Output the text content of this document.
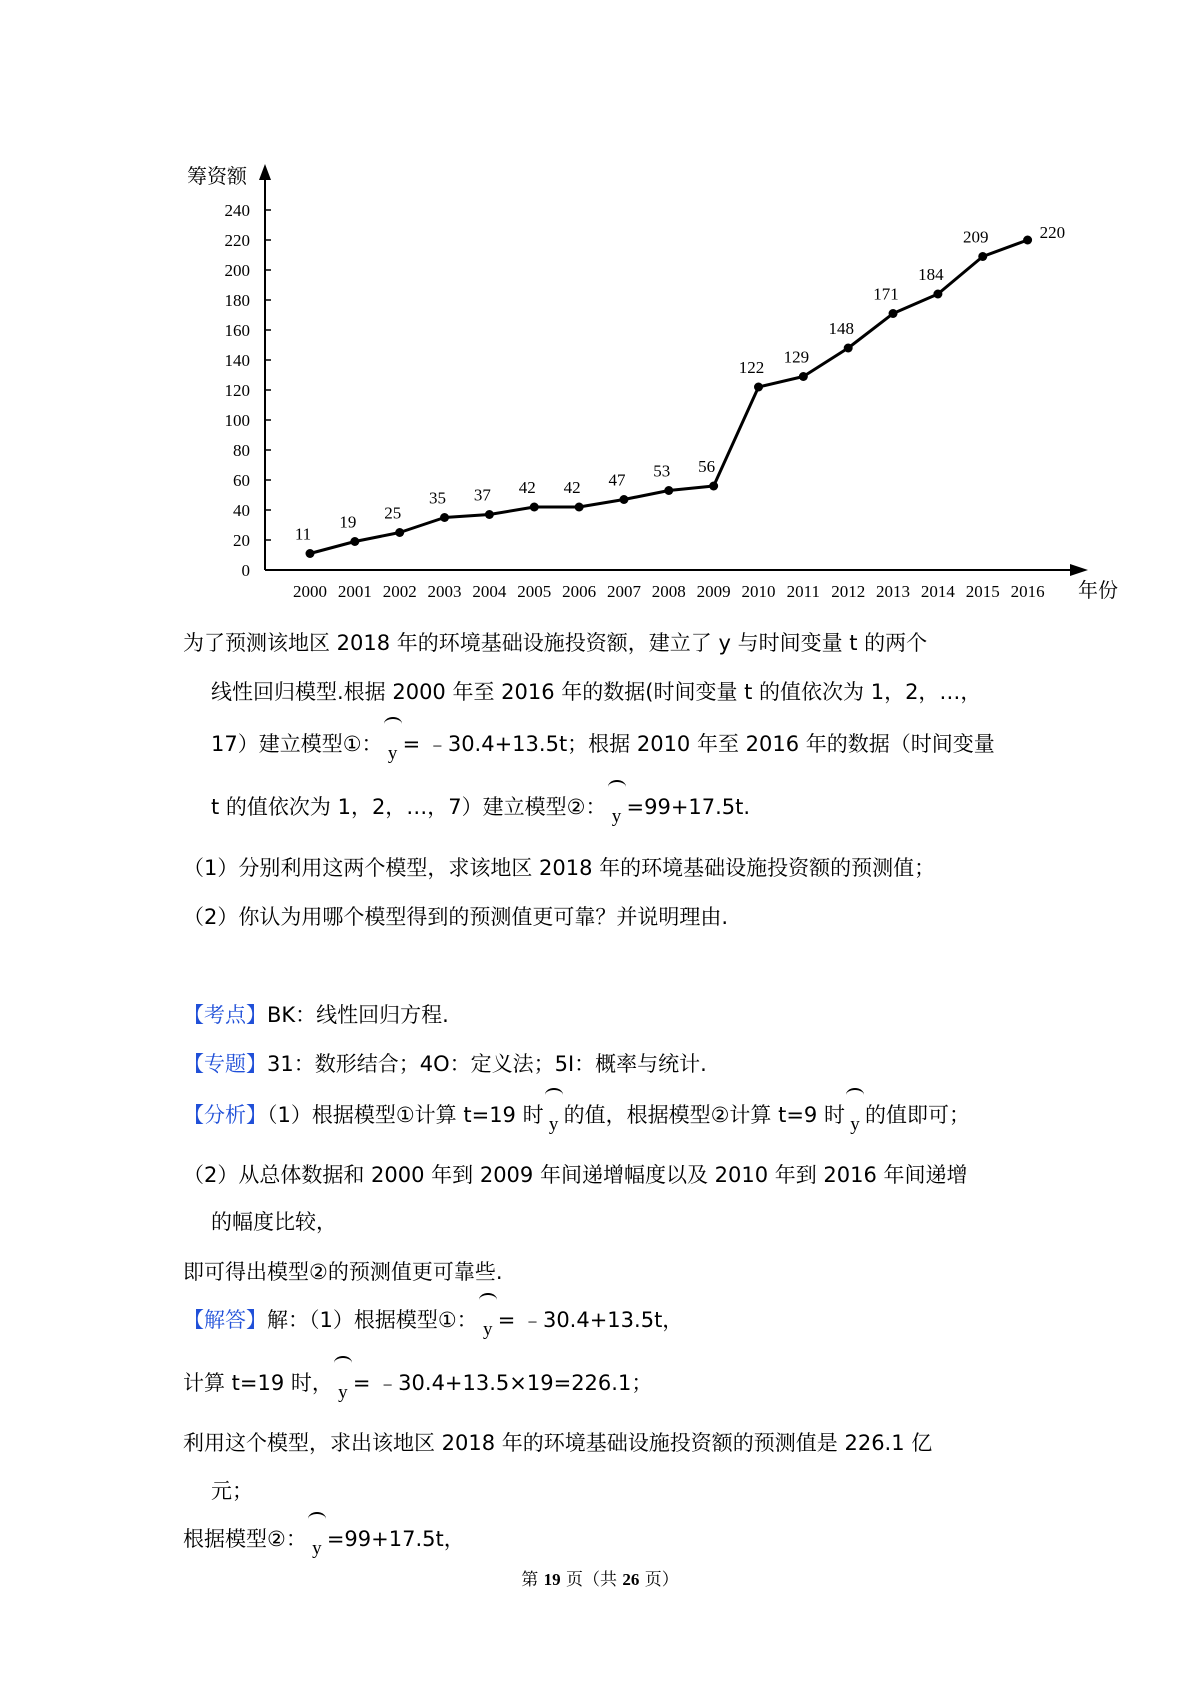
筹资额
年份
0
20
40
60
80
100
120
140
160
180
200
220
240
2000 2001 2002 2003 2004 2005 2006 2007 2008 2009 2010 2011 2012 2013 2014 2015 2016
11
19 25
35 37 42 42 47 53 56
122
129
148
171
184
209	220
为了预测该地区 2018 年的环境基础设施投资额，建立了 y 与时间变量 t 的两个
线性回归模型.根据 2000 年至 2016 年的数据(时间变量 t 的值依次为 1，2，…，
17）建立模型①： y = ﹣30.4+13.5t；根据 2010 年至 2016 年的数据（时间变量
t 的值依次为 1，2，…，7）建立模型②： y =99+17.5t.
（1）分别利用这两个模型，求该地区 2018 年的环境基础设施投资额的预测值；
（2）你认为用哪个模型得到的预测值更可靠？并说明理由.
【考点】BK：线性回归方程.
【专题】31：数形结合；4O：定义法；5I：概率与统计.
【分析】（1）根据模型①计算 t=19 时 y 的值，根据模型②计算 t=9 时 y 的值即可；
（2）从总体数据和 2000 年到 2009 年间递增幅度以及 2010 年到 2016 年间递增
的幅度比较，
即可得出模型②的预测值更可靠些.
【解答】解：（1）根据模型①： y = ﹣30.4+13.5t，
计算 t=19 时， y = ﹣30.4+13.5×19=226.1；
利用这个模型，求出该地区 2018 年的环境基础设施投资额的预测值是 226.1 亿
元；
根据模型②： y =99+17.5t，
第 19 页（共 26 页）
